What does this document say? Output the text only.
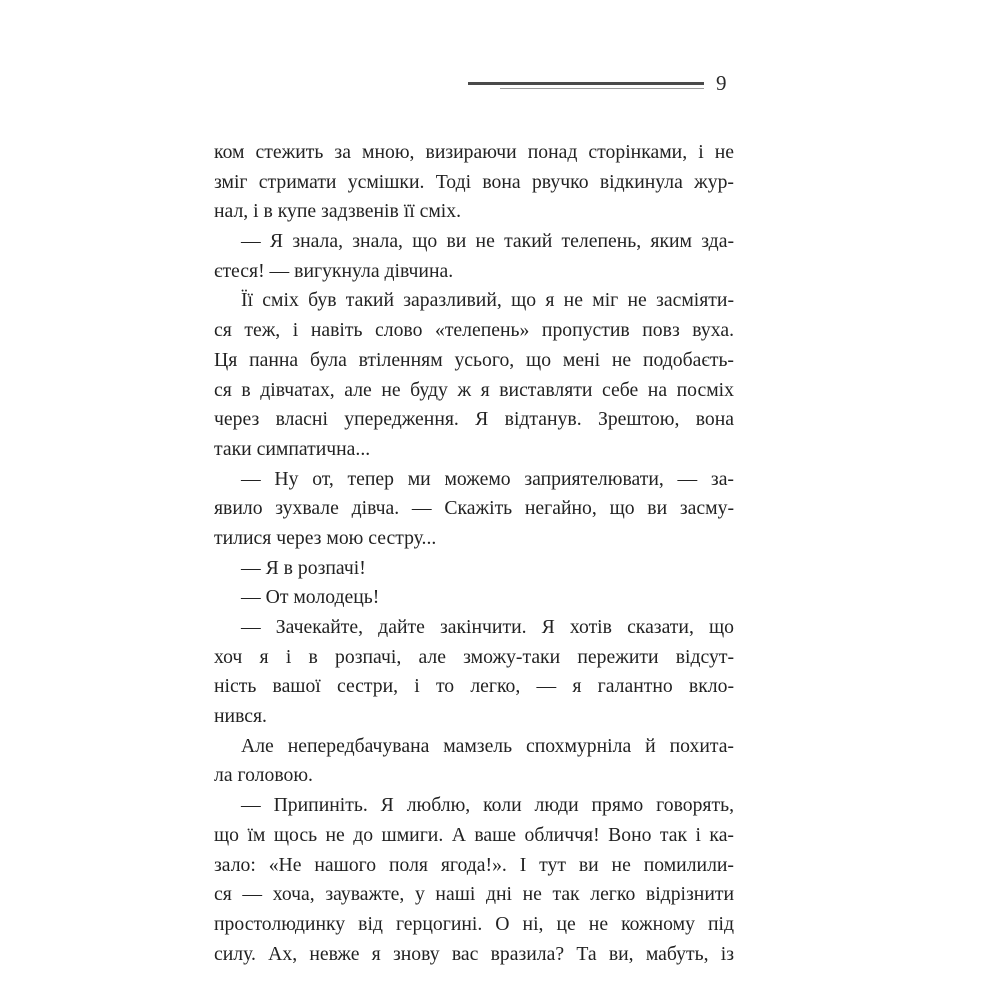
9
ком стежить за мною, визираючи понад сторінками, і не
зміг стримати усмішки. Тоді вона рвучко відкинула жур-
нал, і в купе задзвенів її сміх.
— Я знала, знала, що ви не такий телепень, яким зда-
єтеся! — вигукнула дівчина.
Її сміх був такий заразливий, що я не міг не засміяти-
ся теж, і навіть слово «телепень» пропустив повз вуха.
Ця панна була втіленням усього, що мені не подобаєть-
ся в дівчатах, але не буду ж я виставляти себе на посміх
через власні упередження. Я відтанув. Зрештою, вона
таки симпатична...
— Ну от, тепер ми можемо заприятелювати, — за-
явило зухвале дівча. — Скажіть негайно, що ви засму-
тилися через мою сестру...
— Я в розпачі!
— От молодець!
— Зачекайте, дайте закінчити. Я хотів сказати, що
хоч я і в розпачі, але зможу-таки пережити відсут-
ність вашої сестри, і то легко, — я галантно вкло-
нився.
Але непередбачувана мамзель спохмурніла й похита-
ла головою.
— Припиніть. Я люблю, коли люди прямо говорять,
що їм щось не до шмиги. А ваше обличчя! Воно так і ка-
зало: «Не нашого поля ягода!». І тут ви не помилили-
ся — хоча, зауважте, у наші дні не так легко відрізнити
простолюдинку від герцогині. О ні, це не кожному під
силу. Ах, невже я знову вас вразила? Та ви, мабуть, із
